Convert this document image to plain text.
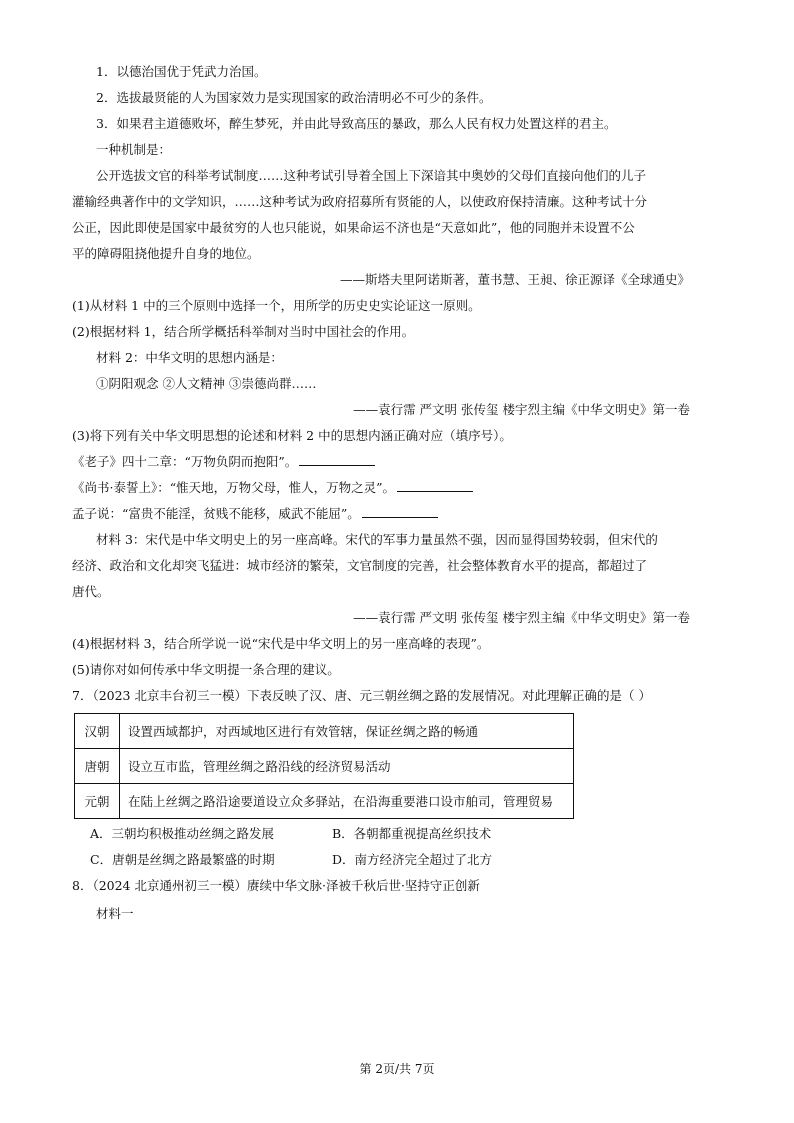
1．以德治国优于凭武力治国。
2．选拔最贤能的人为国家效力是实现国家的政治清明必不可少的条件。
3．如果君主道德败坏，醉生梦死，并由此导致高压的暴政，那么人民有权力处置这样的君主。
一种机制是：
公开选拔文官的科举考试制度……这种考试引导着全国上下深谙其中奥妙的父母们直接向他们的儿子
灌输经典著作中的文学知识，……这种考试为政府招募所有贤能的人，以使政府保持清廉。这种考试十分
公正，因此即使是国家中最贫穷的人也只能说，如果命运不济也是“天意如此”，他的同胞并未设置不公
平的障碍阻挠他提升自身的地位。
——斯塔夫里阿诺斯著，董书慧、王昶、徐正源译《全球通史》
(1)从材料 1 中的三个原则中选择一个，用所学的历史史实论证这一原则。
(2)根据材料 1，结合所学概括科举制对当时中国社会的作用。
材料 2：中华文明的思想内涵是：
①阴阳观念 ②人文精神 ③崇德尚群……
——袁行霈 严文明 张传玺 楼宇烈主编《中华文明史》第一卷
(3)将下列有关中华文明思想的论述和材料 2 中的思想内涵正确对应（填序号）。
《老子》四十二章：“万物负阴而抱阳”。
《尚书·泰誓上》：“惟天地，万物父母，惟人，万物之灵”。
孟子说：“富贵不能淫，贫贱不能移，威武不能屈”。
材料 3：宋代是中华文明史上的另一座高峰。宋代的军事力量虽然不强，因而显得国势较弱，但宋代的
经济、政治和文化却突飞猛进：城市经济的繁荣，文官制度的完善，社会整体教育水平的提高，都超过了
唐代。
——袁行霈 严文明 张传玺 楼宇烈主编《中华文明史》第一卷
(4)根据材料 3，结合所学说一说“宋代是中华文明上的另一座高峰的表现”。
(5)请你对如何传承中华文明提一条合理的建议。
7．（2023 北京丰台初三一模）下表反映了汉、唐、元三朝丝绸之路的发展情况。对此理解正确的是（ ）
汉朝	设置西域都护，对西域地区进行有效管辖，保证丝绸之路的畅通
唐朝	设立互市监，管理丝绸之路沿线的经济贸易活动
元朝	在陆上丝绸之路沿途要道设立众多驿站，在沿海重要港口设市舶司，管理贸易
A．三朝均积极推动丝绸之路发展	B．各朝都重视提高丝织技术
C．唐朝是丝绸之路最繁盛的时期	D．南方经济完全超过了北方
8．（2024 北京通州初三一模）赓续中华文脉·泽被千秋后世·坚持守正创新
材料一
第 2页/共 7页
